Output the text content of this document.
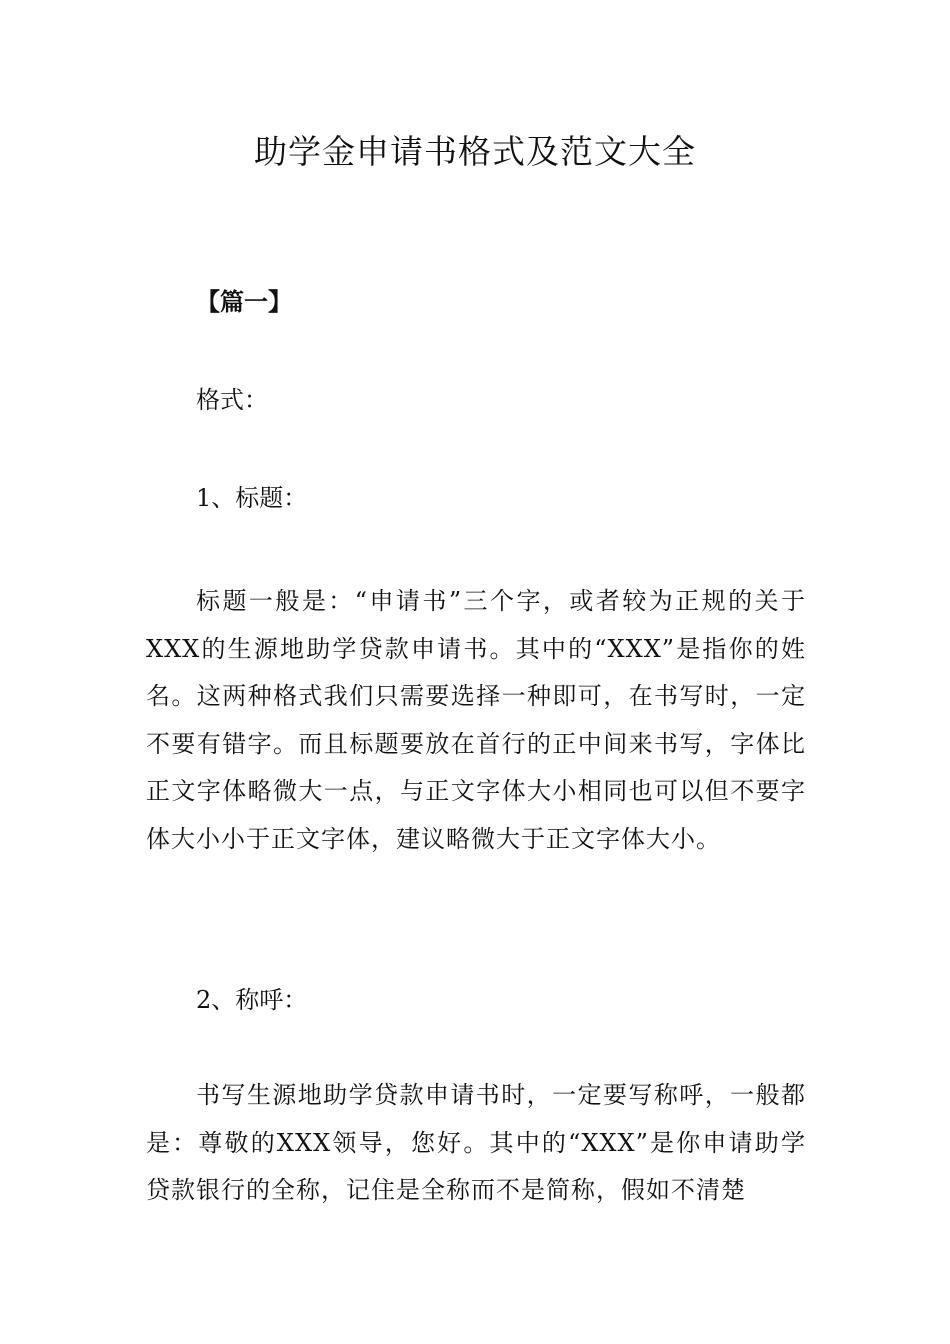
助学金申请书格式及范文大全

【篇一】

格式：

1、标题：

标题一般是：“申请书”三个字，或者较为正规的关于XXX的生源地助学贷款申请书。其中的“XXX”是指你的姓名。这两种格式我们只需要选择一种即可，在书写时，一定不要有错字。而且标题要放在首行的正中间来书写，字体比正文字体略微大一点，与正文字体大小相同也可以但不要字体大小小于正文字体，建议略微大于正文字体大小。

2、称呼：

书写生源地助学贷款申请书时，一定要写称呼，一般都是：尊敬的XXX领导，您好。其中的“XXX”是你申请助学贷款银行的全称，记住是全称而不是简称，假如不清楚
